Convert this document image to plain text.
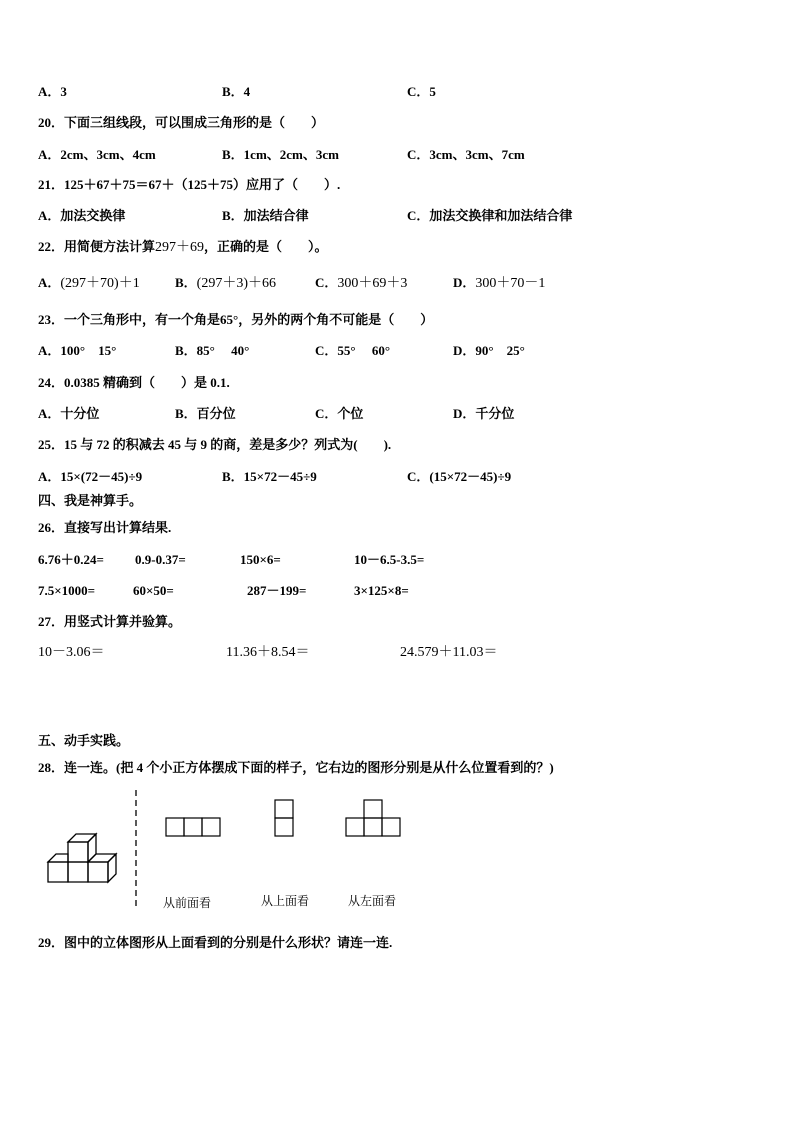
A．3	B．4	C．5
20．下面三组线段，可以围成三角形的是（　　）
A．2cm、3cm、4cm	B．1cm、2cm、3cm	C．3cm、3cm、7cm
21．125＋67＋75＝67＋（125＋75）应用了（　　）.
A．加法交换律	B．加法结合律	C．加法交换律和加法结合律
22．用简便方法计算297＋69，正确的是（　　）。
A．(297＋70)＋1	B．(297＋3)＋66	C．300＋69＋3	D．300＋70－1
23．一个三角形中，有一个角是65°，另外的两个角不可能是（　　）
A．100°　15°	B．85°　 40°	C．55°　 60°	D．90°　25°
24．0.0385 精确到（　　）是 0.1.
A．十分位	B．百分位	C．个位	D．千分位
25．15 与 72 的积减去 45 与 9 的商，差是多少？列式为(　　).
A．15×(72－45)÷9	B．15×72－45÷9	C．(15×72－45)÷9
四、我是神算手。
26．直接写出计算结果.
6.76＋0.24= 0.9-0.37=	150×6=	10－6.5-3.5=
7.5×1000=	60×50=	287－199=	3×125×8=
27．用竖式计算并验算。
10－3.06＝	11.36＋8.54＝	24.579＋11.03＝
五、动手实践。
28．连一连。(把 4 个小正方体摆成下面的样子，它右边的图形分别是从什么位置看到的？)
从前面看	从上面看	从左面看
29．图中的立体图形从上面看到的分别是什么形状？请连一连.
